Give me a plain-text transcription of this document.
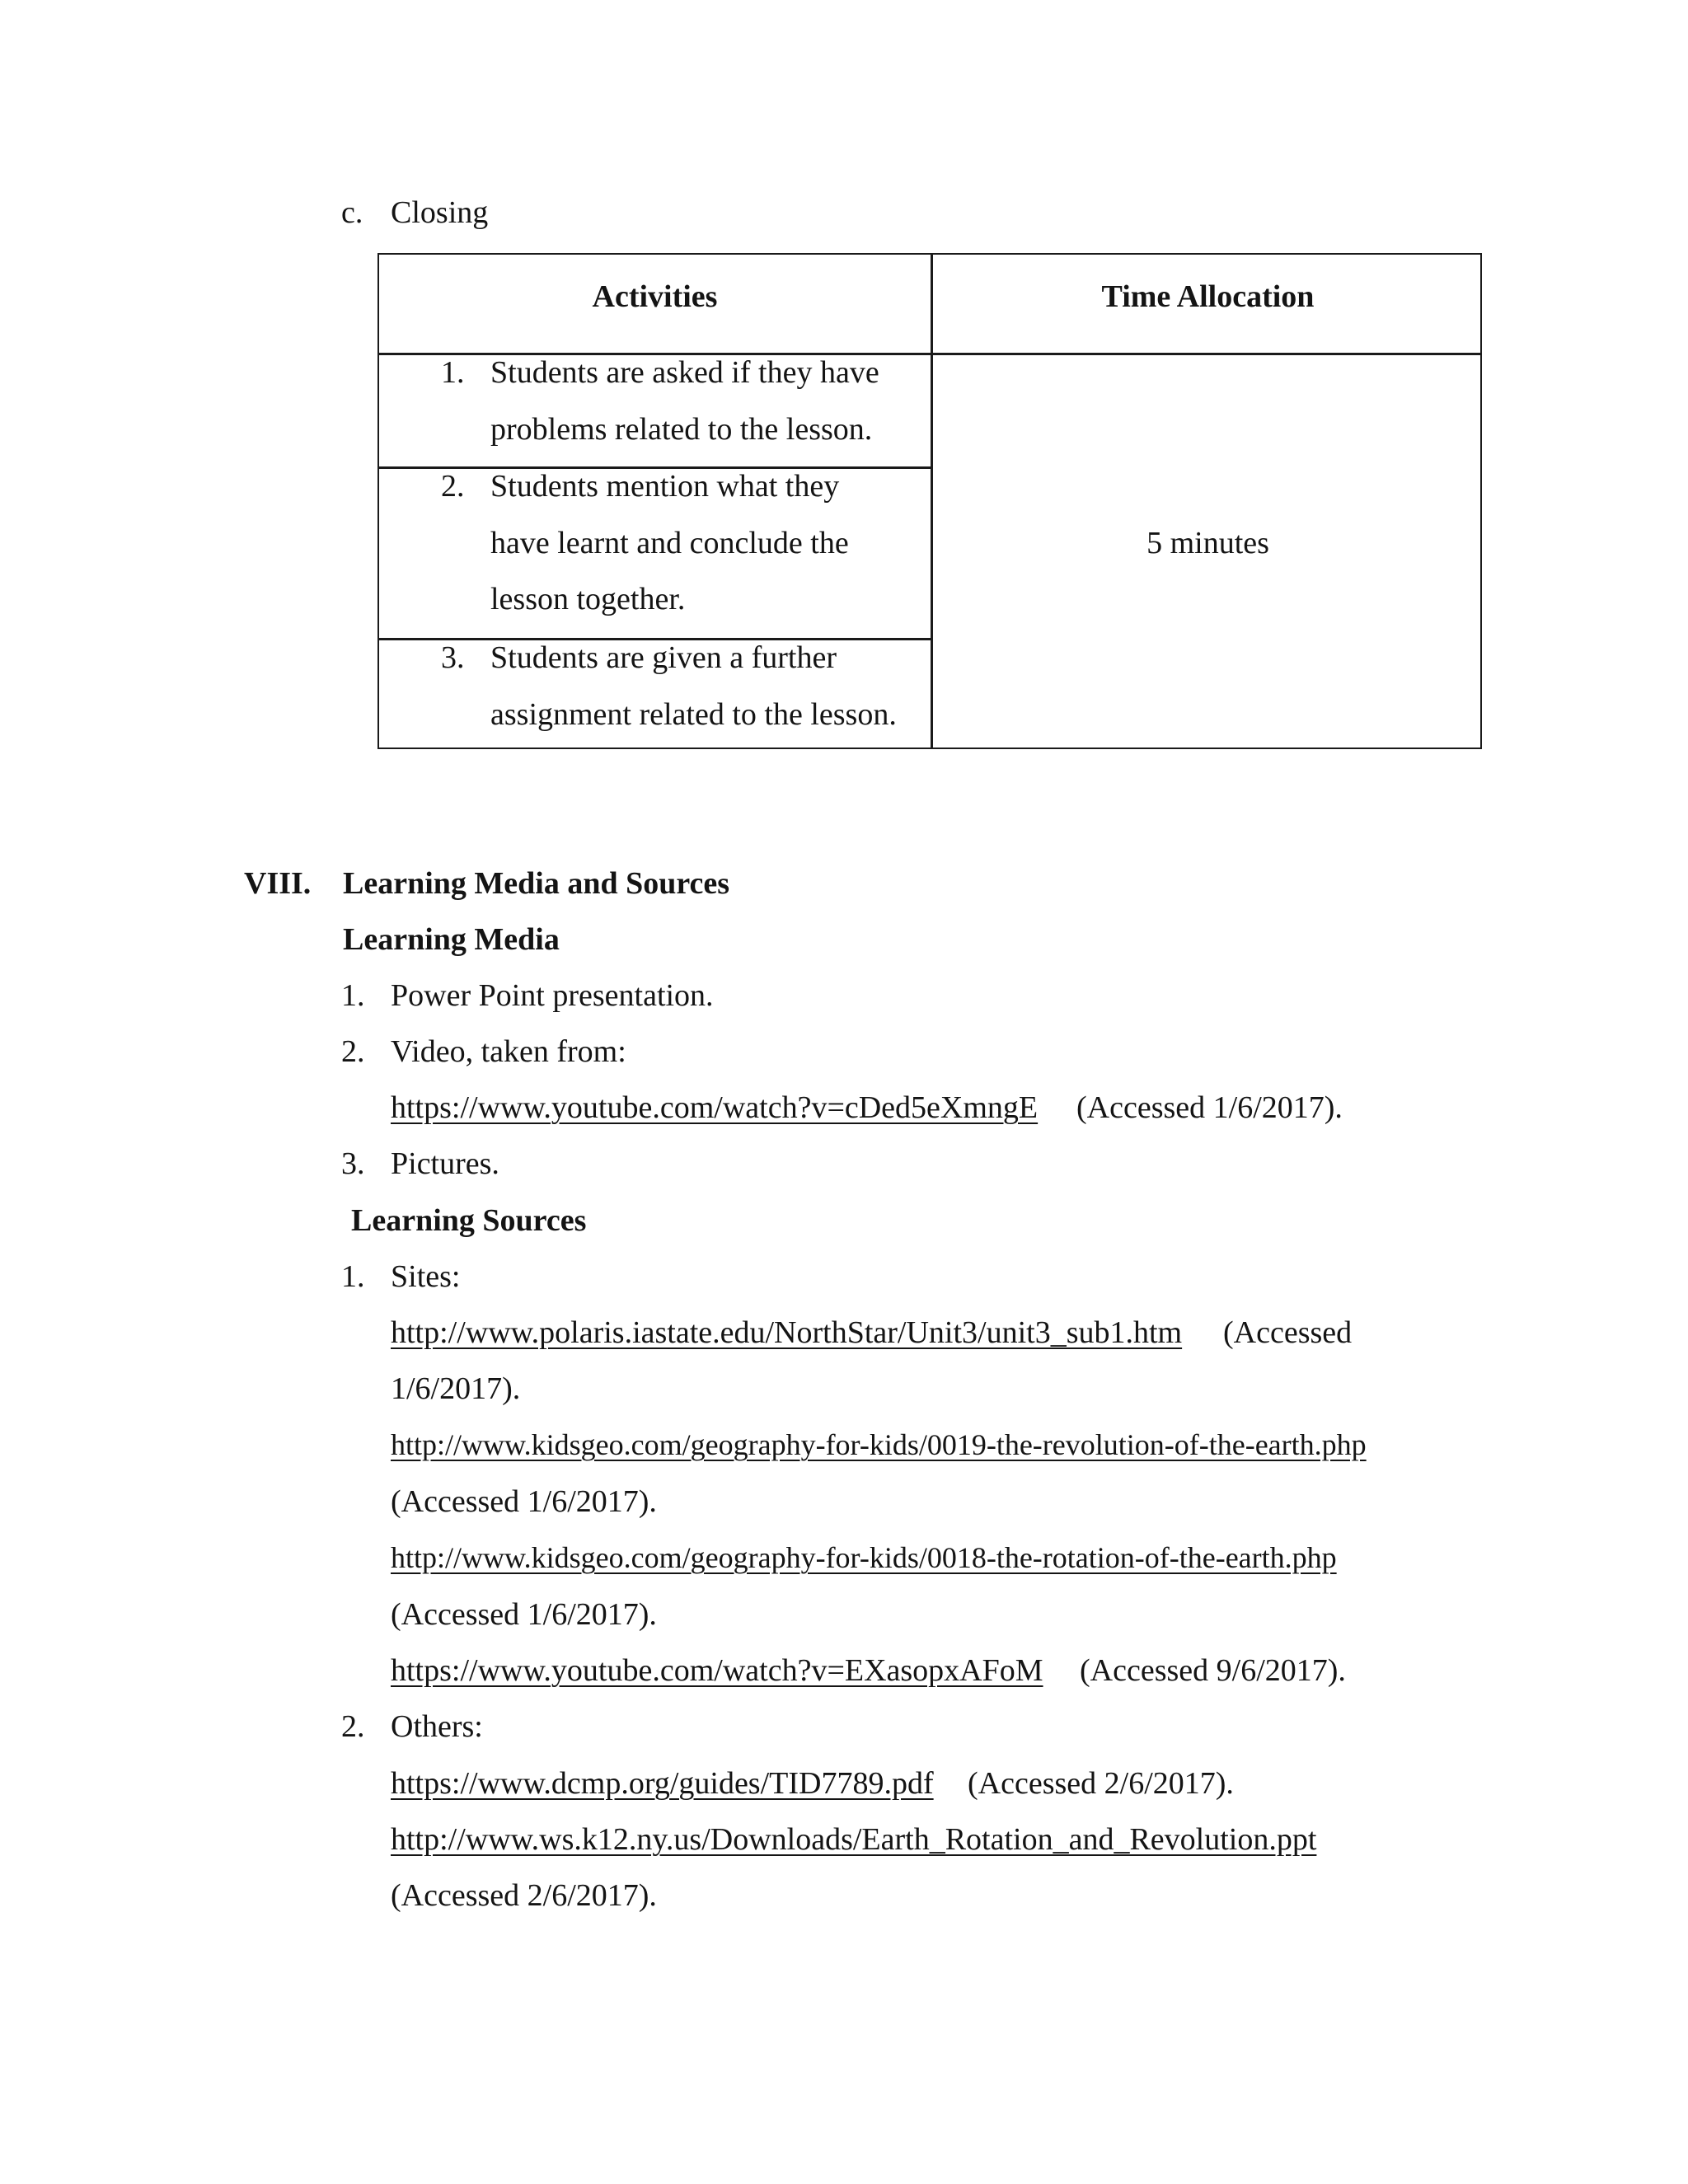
c. Closing
Activities	Time Allocation
1. Students are asked if they have
problems related to the lesson.
2. Students mention what they
have learnt and conclude the
lesson together.
3. Students are given a further
assignment related to the lesson.
5 minutes
VIII. Learning Media and Sources
Learning Media
1. Power Point presentation.
2. Video, taken from:
https://www.youtube.com/watch?v=cDed5eXmngE (Accessed 1/6/2017).
3. Pictures.
Learning Sources
1. Sites:
http://www.polaris.iastate.edu/NorthStar/Unit3/unit3_sub1.htm (Accessed
1/6/2017).
http://www.kidsgeo.com/geography-for-kids/0019-the-revolution-of-the-earth.php
(Accessed 1/6/2017).
http://www.kidsgeo.com/geography-for-kids/0018-the-rotation-of-the-earth.php
(Accessed 1/6/2017).
https://www.youtube.com/watch?v=EXasopxAFoM (Accessed 9/6/2017).
2. Others:
https://www.dcmp.org/guides/TID7789.pdf (Accessed 2/6/2017).
http://www.ws.k12.ny.us/Downloads/Earth_Rotation_and_Revolution.ppt
(Accessed 2/6/2017).
